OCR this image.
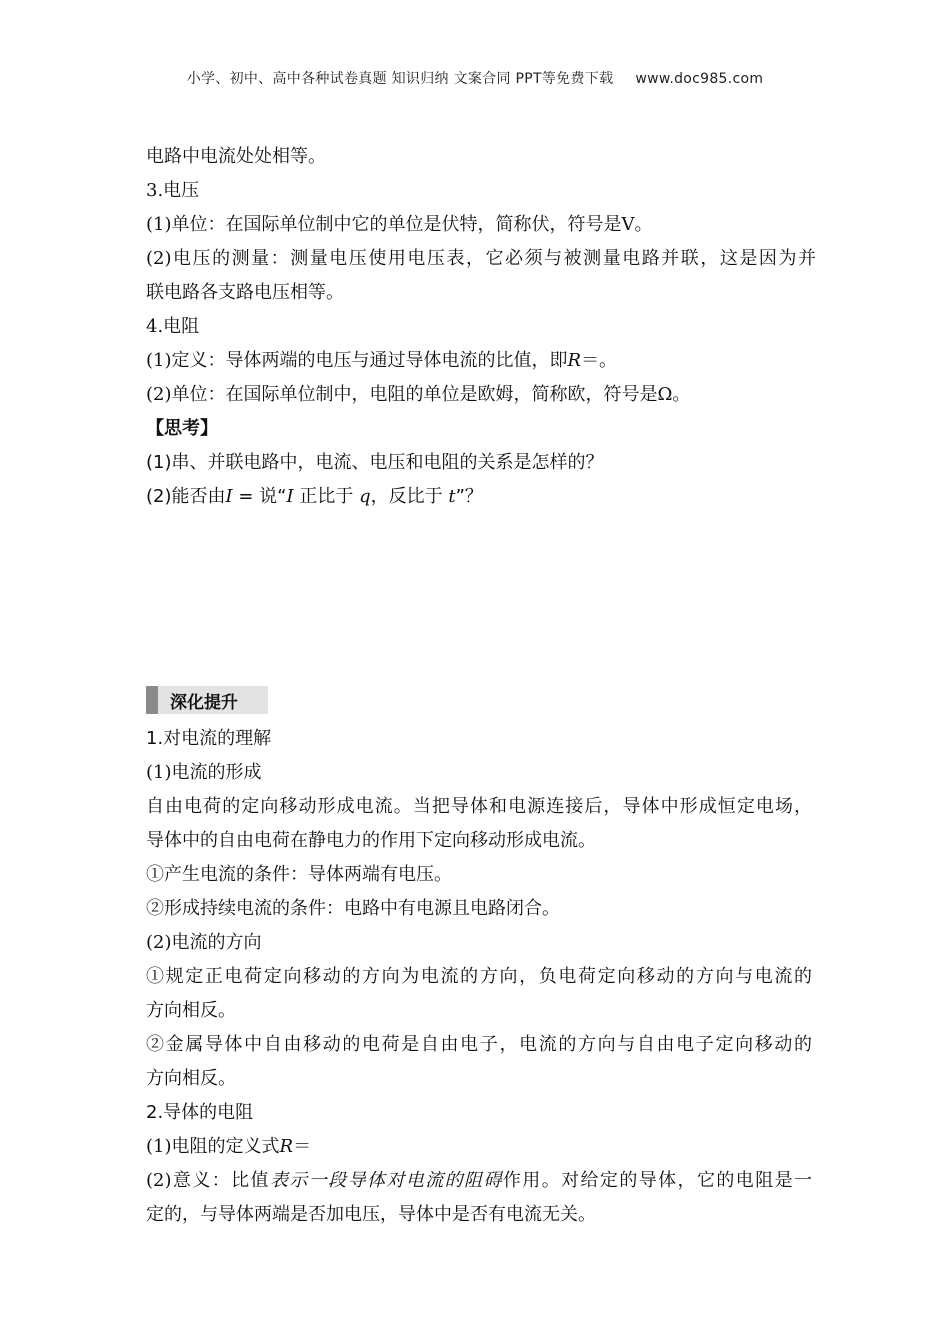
小学、初中、高中各种试卷真题 知识归纳 文案合同 PPT等免费下载 www.doc985.com
电路中电流处处相等。
3.电压
(1)单位：在国际单位制中它的单位是伏特，简称伏，符号是V。
(2)电压的测量：测量电压使用电压表，它必须与被测量电路并联，这是因为并
联电路各支路电压相等。
4.电阻
(1)定义：导体两端的电压与通过导体电流的比值，即R＝。
(2)单位：在国际单位制中，电阻的单位是欧姆，简称欧，符号是Ω。
【思考】
(1)串、并联电路中，电流、电压和电阻的关系是怎样的？
(2)能否由I = 说“I 正比于 q，反比于 t”？
深化提升
1.对电流的理解
(1)电流的形成
自由电荷的定向移动形成电流。当把导体和电源连接后，导体中形成恒定电场，
导体中的自由电荷在静电力的作用下定向移动形成电流。
①产生电流的条件：导体两端有电压。
②形成持续电流的条件：电路中有电源且电路闭合。
(2)电流的方向
①规定正电荷定向移动的方向为电流的方向，负电荷定向移动的方向与电流的
方向相反。
②金属导体中自由移动的电荷是自由电子，电流的方向与自由电子定向移动的
方向相反。
2.导体的电阻
(1)电阻的定义式R＝
(2)意义：比值表示一段导体对电流的阻碍作用。对给定的导体，它的电阻是一
定的，与导体两端是否加电压，导体中是否有电流无关。
